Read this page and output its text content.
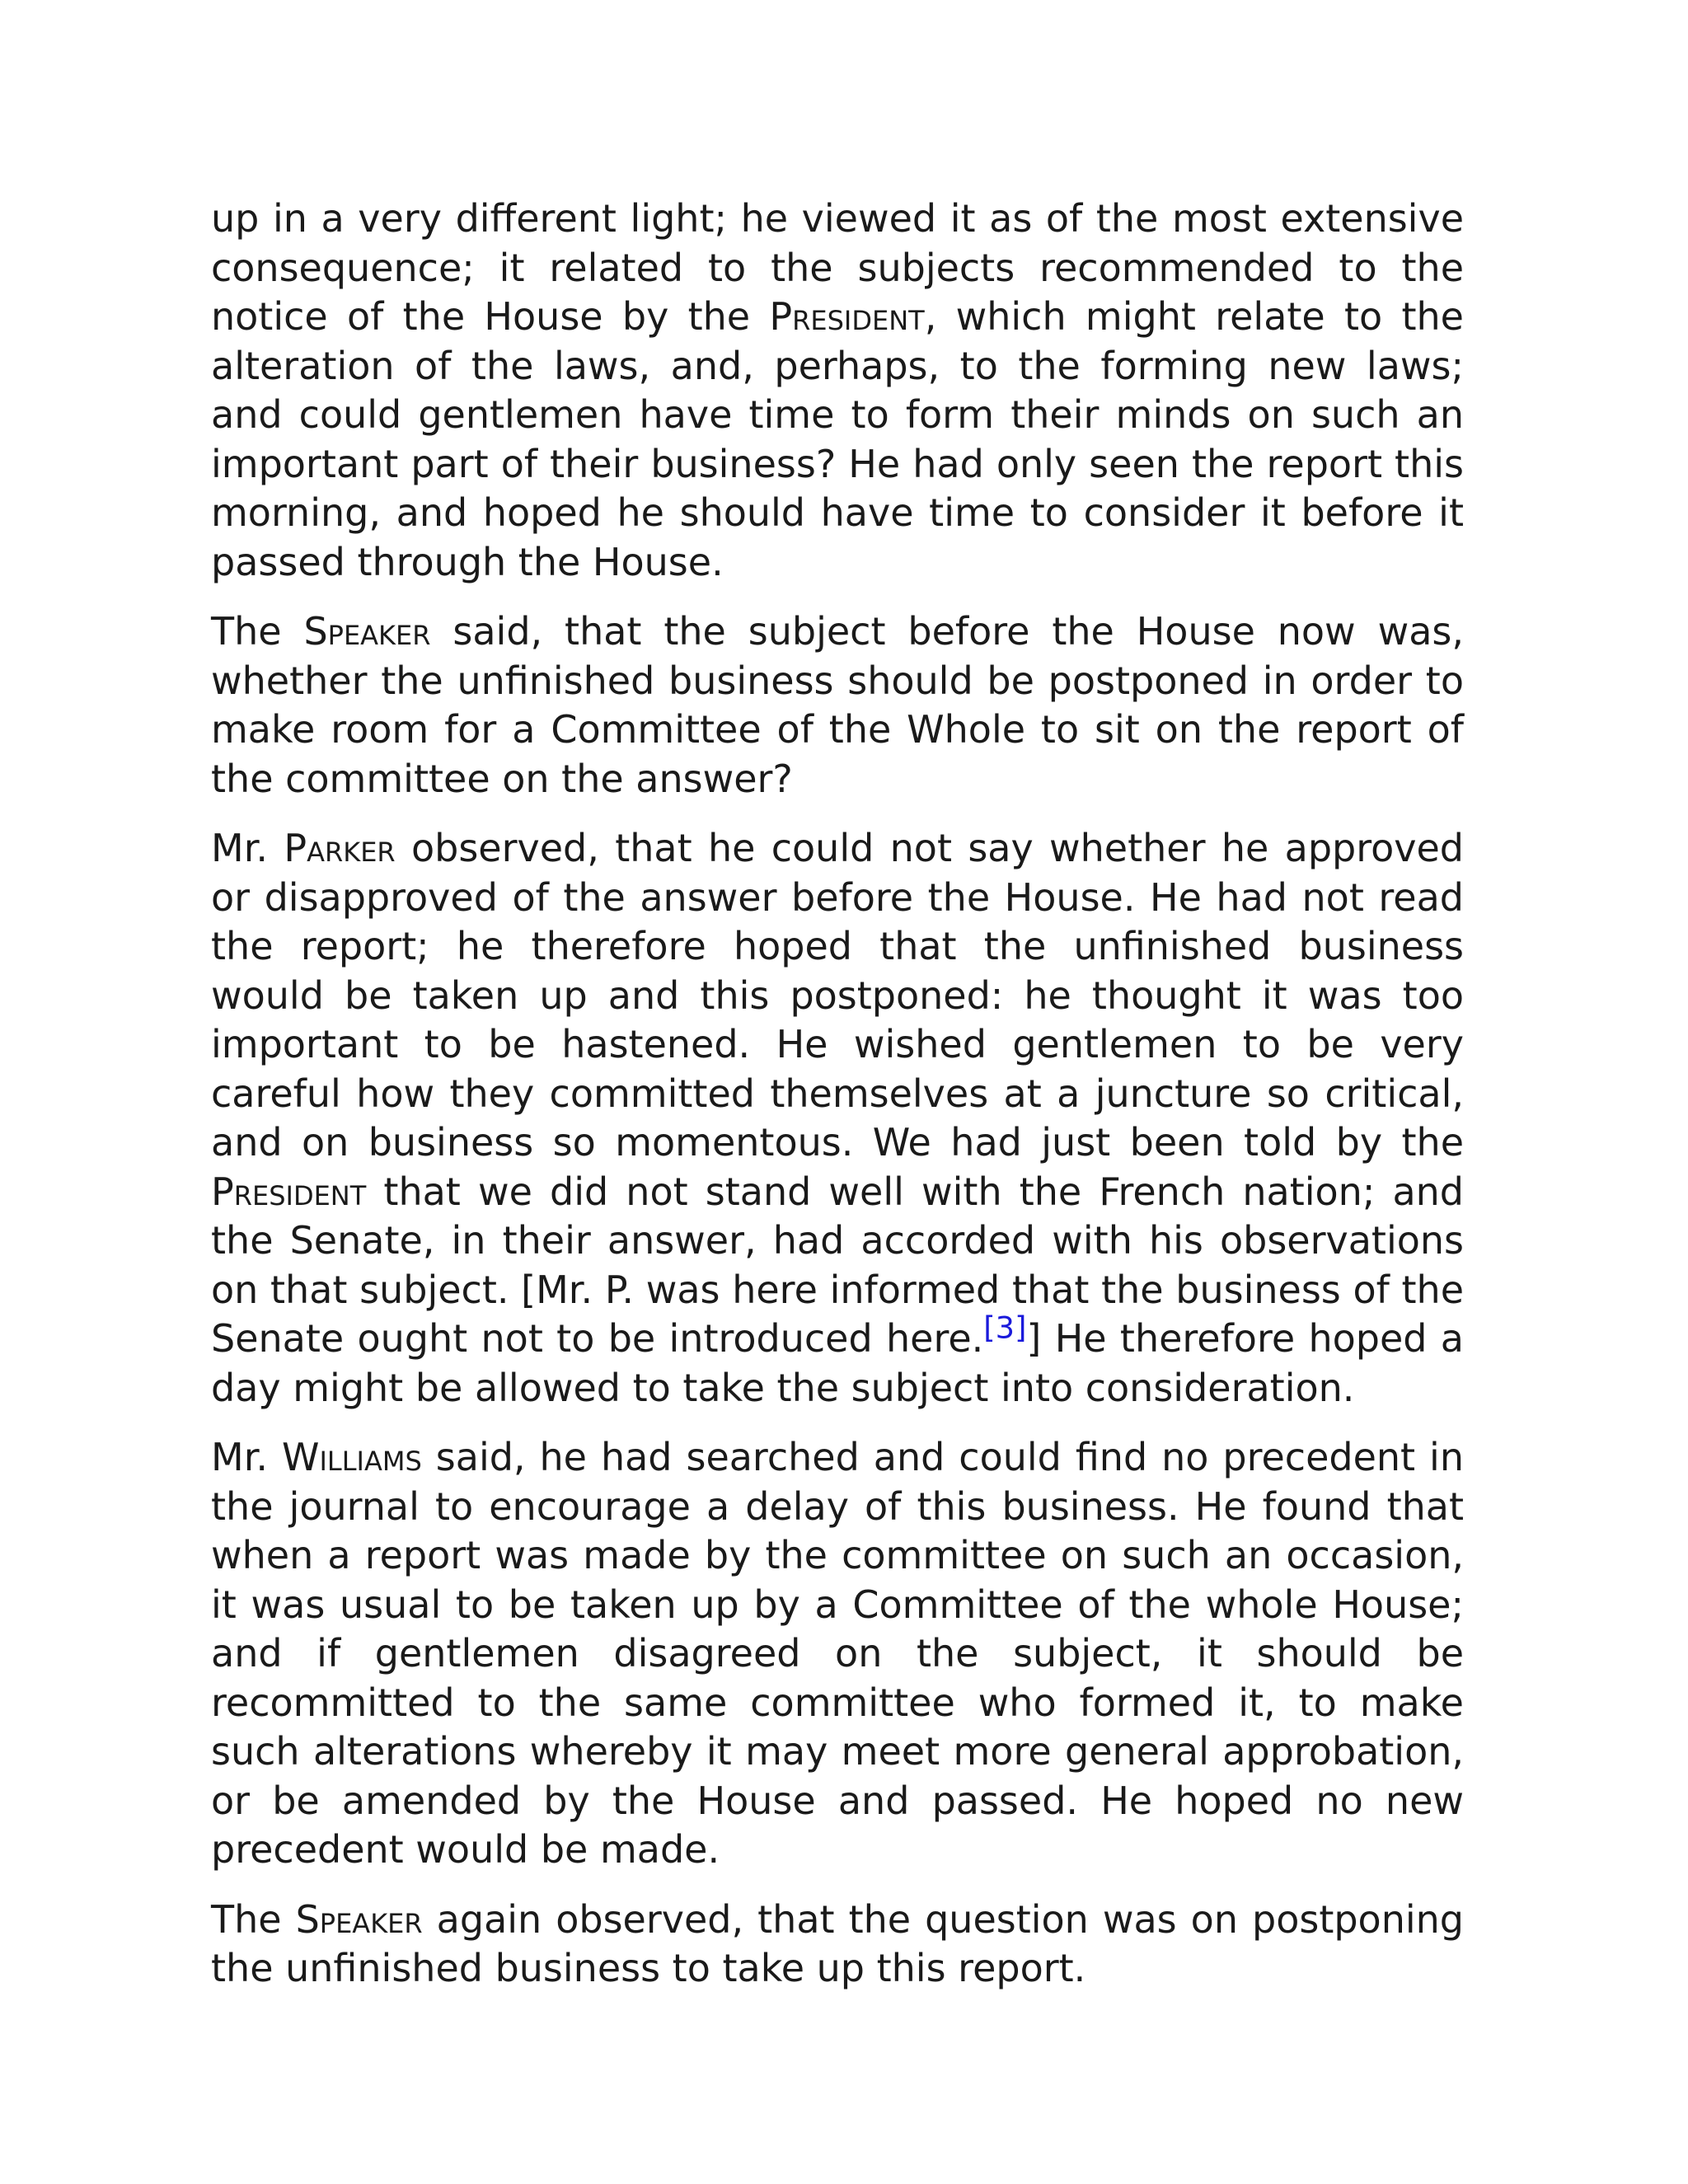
up in a very different light; he viewed it as of the most extensive consequence; it related to the subjects recommended to the notice of the House by the President, which might relate to the alteration of the laws, and, perhaps, to the forming new laws; and could gentlemen have time to form their minds on such an important part of their business? He had only seen the report this morning, and hoped he should have time to consider it before it passed through the House.

The Speaker said, that the subject before the House now was, whether the unfinished business should be postponed in order to make room for a Committee of the Whole to sit on the report of the committee on the answer?

Mr. Parker observed, that he could not say whether he approved or disapproved of the answer before the House. He had not read the report; he therefore hoped that the unfinished business would be taken up and this postponed: he thought it was too important to be hastened. He wished gentlemen to be very careful how they committed themselves at a juncture so critical, and on business so momentous. We had just been told by the President that we did not stand well with the French nation; and the Senate, in their answer, had accorded with his observations on that subject. [Mr. P. was here informed that the business of the Senate ought not to be introduced here.[3]] He therefore hoped a day might be allowed to take the subject into consideration.

Mr. Williams said, he had searched and could find no precedent in the journal to encourage a delay of this business. He found that when a report was made by the committee on such an occasion, it was usual to be taken up by a Committee of the whole House; and if gentlemen disagreed on the subject, it should be recommitted to the same committee who formed it, to make such alterations whereby it may meet more general approbation, or be amended by the House and passed. He hoped no new precedent would be made.

The Speaker again observed, that the question was on postponing the unfinished business to take up this report.
